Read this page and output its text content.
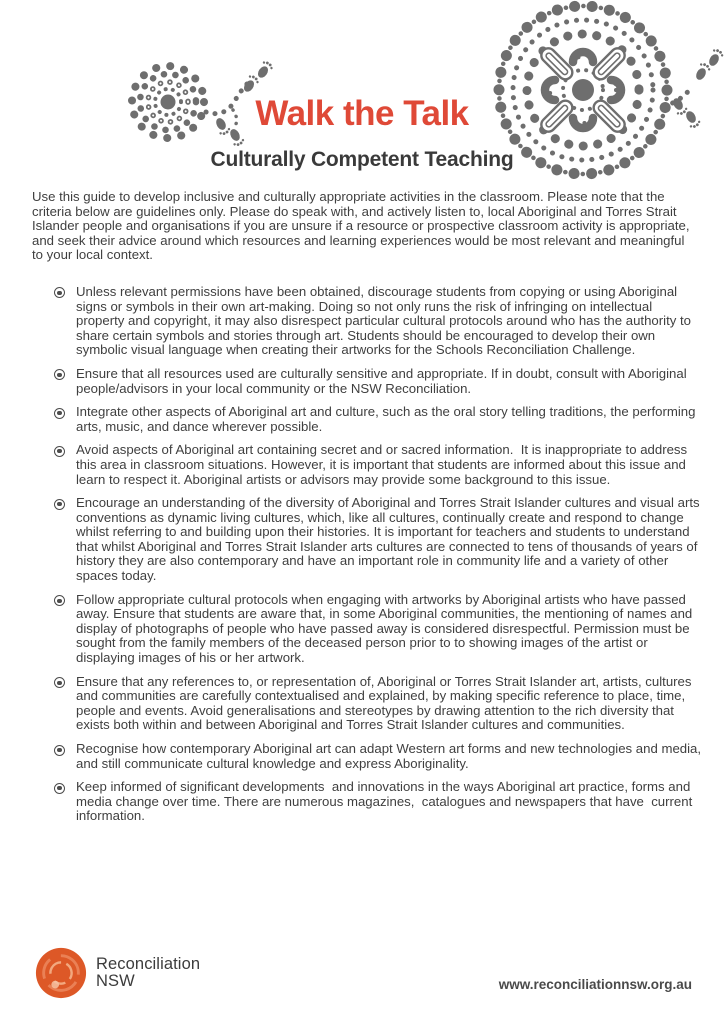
Walk the Talk
Culturally Competent Teaching

Use this guide to develop inclusive and culturally appropriate activities in the classroom. Please note that the criteria below are guidelines only. Please do speak with, and actively listen to, local Aboriginal and Torres Strait Islander people and organisations if you are unsure if a resource or prospective classroom activity is appropriate, and seek their advice around which resources and learning experiences would be most relevant and meaningful to your local context.

Unless relevant permissions have been obtained, discourage students from copying or using Aboriginal signs or symbols in their own art-making. Doing so not only runs the risk of infringing on intellectual property and copyright, it may also disrespect particular cultural protocols around who has the authority to share certain symbols and stories through art. Students should be encouraged to develop their own symbolic visual language when creating their artworks for the Schools Reconciliation Challenge.

Ensure that all resources used are culturally sensitive and appropriate. If in doubt, consult with Aboriginal people/advisors in your local community or the NSW Reconciliation.

Integrate other aspects of Aboriginal art and culture, such as the oral story telling traditions, the performing arts, music, and dance wherever possible.

Avoid aspects of Aboriginal art containing secret and or sacred information.  It is inappropriate to address this area in classroom situations. However, it is important that students are informed about this issue and learn to respect it. Aboriginal artists or advisors may provide some background to this issue.

Encourage an understanding of the diversity of Aboriginal and Torres Strait Islander cultures and visual arts conventions as dynamic living cultures, which, like all cultures, continually create and respond to change whilst referring to and building upon their histories. It is important for teachers and students to understand that whilst Aboriginal and Torres Strait Islander arts cultures are connected to tens of thousands of years of history they are also contemporary and have an important role in community life and a variety of other spaces today.

Follow appropriate cultural protocols when engaging with artworks by Aboriginal artists who have passed away. Ensure that students are aware that, in some Aboriginal communities, the mentioning of names and display of photographs of people who have passed away is considered disrespectful. Permission must be sought from the family members of the deceased person prior to to showing images of the artist or displaying images of his or her artwork.

Ensure that any references to, or representation of, Aboriginal or Torres Strait Islander art, artists, cultures and communities are carefully contextualised and explained, by making specific reference to place, time, people and events. Avoid generalisations and stereotypes by drawing attention to the rich diversity that exists both within and between Aboriginal and Torres Strait Islander cultures and communities.

Recognise how contemporary Aboriginal art can adapt Western art forms and new technologies and media, and still communicate cultural knowledge and express Aboriginality.

Keep informed of significant developments  and innovations in the ways Aboriginal art practice, forms and media change over time. There are numerous magazines,  catalogues and newspapers that have  current information.

Reconciliation
NSW	www.reconciliationnsw.org.au
